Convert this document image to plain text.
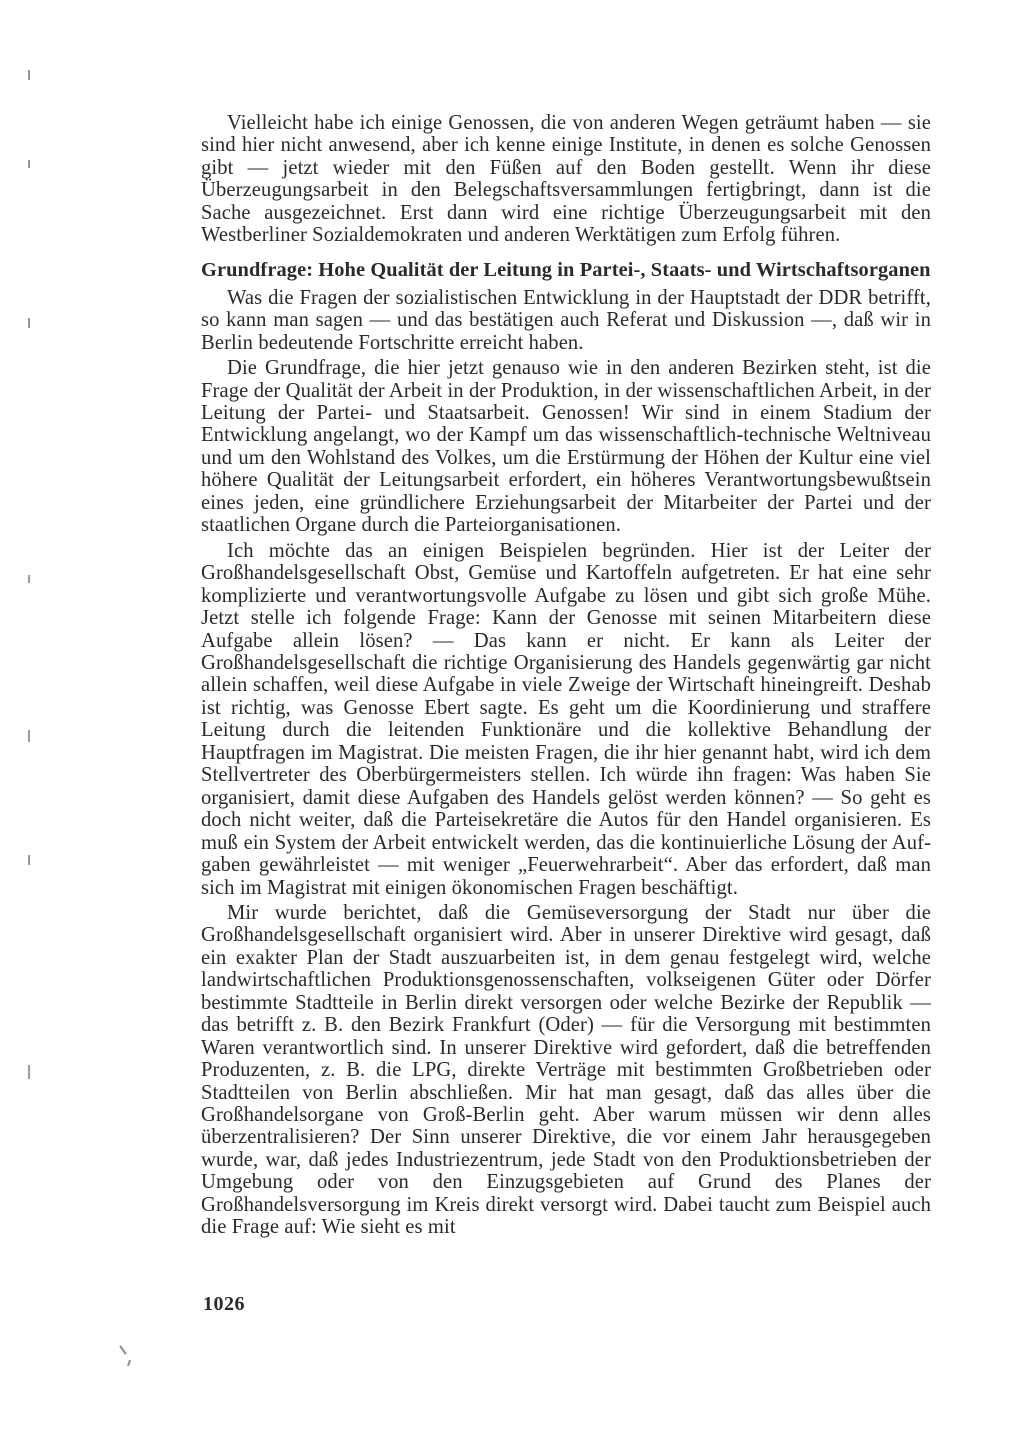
Vielleicht habe ich einige Genossen, die von anderen Wegen geträumt haben — sie sind hier nicht anwesend, aber ich kenne einige Institute, in denen es solche Genossen gibt — jetzt wieder mit den Füßen auf den Boden gestellt. Wenn ihr diese Überzeugungsarbeit in den Belegschaftsversammlungen fertigbringt, dann ist die Sache ausgezeichnet. Erst dann wird eine richtige Überzeugungsarbeit mit den Westberliner Sozialdemokraten und anderen Werktätigen zum Erfolg führen.

Grundfrage: Hohe Qualität der Leitung in Partei-, Staats- und Wirtschaftsorganen

Was die Fragen der sozialistischen Entwicklung in der Hauptstadt der DDR betrifft, so kann man sagen — und das bestätigen auch Referat und Diskussion —, daß wir in Berlin bedeutende Fortschritte erreicht haben.

Die Grundfrage, die hier jetzt genauso wie in den anderen Bezirken steht, ist die Frage der Qualität der Arbeit in der Produktion, in der wissenschaftlichen Arbeit, in der Leitung der Partei- und Staatsarbeit. Genossen! Wir sind in einem Stadium der Entwicklung angelangt, wo der Kampf um das wissenschaftlich-technische Weltniveau und um den Wohlstand des Volkes, um die Erstürmung der Höhen der Kultur eine viel höhere Qualität der Leitungsarbeit erfordert, ein höheres Verantwortungsbewußtsein eines jeden, eine gründlichere Erziehungsarbeit der Mitarbeiter der Partei und der staatlichen Organe durch die Parteiorganisationen.

Ich möchte das an einigen Beispielen begründen. Hier ist der Leiter der Großhandelsgesellschaft Obst, Gemüse und Kartoffeln aufgetreten. Er hat eine sehr komplizierte und verantwortungsvolle Aufgabe zu lösen und gibt sich große Mühe. Jetzt stelle ich folgende Frage: Kann der Genosse mit seinen Mitarbeitern diese Aufgabe allein lösen? — Das kann er nicht. Er kann als Leiter der Großhandelsgesellschaft die richtige Organisierung des Handels gegenwärtig gar nicht allein schaffen, weil diese Aufgabe in viele Zweige der Wirtschaft hineingreift. Deshab ist richtig, was Genosse Ebert sagte. Es geht um die Koordinierung und straffere Leitung durch die leitenden Funktionäre und die kollektive Behandlung der Hauptfragen im Magistrat. Die meisten Fragen, die ihr hier genannt habt, wird ich dem Stellvertreter des Oberbürgermeisters stellen. Ich würde ihn fragen: Was haben Sie organisiert, damit diese Aufgaben des Handels gelöst werden können? — So geht es doch nicht weiter, daß die Parteisekretäre die Autos für den Handel organisieren. Es muß ein System der Arbeit entwickelt werden, das die kontinuierliche Lösung der Aufgaben gewährleistet — mit weniger „Feuerwehrarbeit“. Aber das erfordert, daß man sich im Magistrat mit einigen ökonomischen Fragen beschäftigt.

Mir wurde berichtet, daß die Gemüseversorgung der Stadt nur über die Großhandelsgesellschaft organisiert wird. Aber in unserer Direktive wird gesagt, daß ein exakter Plan der Stadt auszuarbeiten ist, in dem genau festgelegt wird, welche landwirtschaftlichen Produktionsgenossenschaften, volkseigenen Güter oder Dörfer bestimmte Stadtteile in Berlin direkt versorgen oder welche Bezirke der Republik — das betrifft z. B. den Bezirk Frankfurt (Oder) — für die Versorgung mit bestimmten Waren verantwortlich sind. In unserer Direktive wird gefordert, daß die betreffenden Produzenten, z. B. die LPG, direkte Verträge mit bestimmten Großbetrieben oder Stadtteilen von Berlin abschließen. Mir hat man gesagt, daß das alles über die Großhandelsorgane von Groß-Berlin geht. Aber warum müssen wir denn alles überzentralisieren? Der Sinn unserer Direktive, die vor einem Jahr herausgegeben wurde, war, daß jedes Industriezentrum, jede Stadt von den Produktionsbetrieben der Umgebung oder von den Einzugsgebieten auf Grund des Planes der Großhandelsversorgung im Kreis direkt versorgt wird. Dabei taucht zum Beispiel auch die Frage auf: Wie sieht es mit

1026
